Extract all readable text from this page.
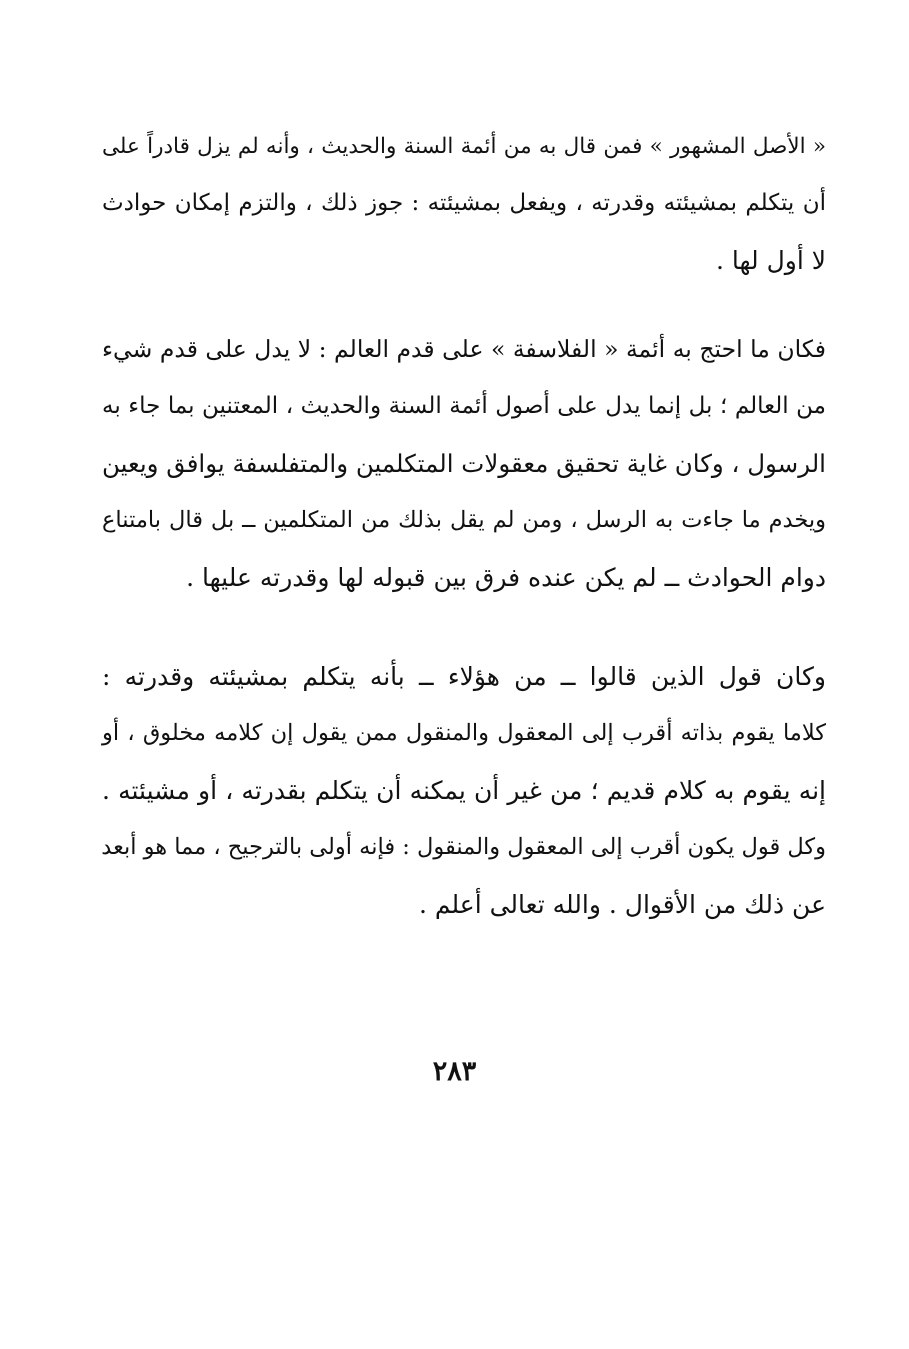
« الأصل المشهور » فمن قال به من أئمة السنة والحديث ، وأنه لم يزل قادراً على
أن يتكلم بمشيئته وقدرته ، ويفعل بمشيئته : جوز ذلك ، والتزم إمكان حوادث
لا أول لها .
فكان ما احتج به أئمة « الفلاسفة » على قدم العالم : لا يدل على قدم شيء
من العالم ؛ بل إنما يدل على أصول أئمة السنة والحديث ، المعتنين بما جاء به
الرسول ، وكان غاية تحقيق معقولات المتكلمين والمتفلسفة يوافق ويعين
ويخدم ما جاءت به الرسل ، ومن لم يقل بذلك من المتكلمين ــ بل قال بامتناع
دوام الحوادث ــ لم يكن عنده فرق بين قبوله لها وقدرته عليها .
وكان قول الذين قالوا ــ من هؤلاء ــ بأنه يتكلم بمشيئته وقدرته :
كلاما يقوم بذاته أقرب إلى المعقول والمنقول ممن يقول إن كلامه مخلوق ، أو
إنه يقوم به كلام قديم ؛ من غير أن يمكنه أن يتكلم بقدرته ، أو مشيئته .
وكل قول يكون أقرب إلى المعقول والمنقول : فإنه أولى بالترجيح ، مما هو أبعد
عن ذلك من الأقوال . والله تعالى أعلم .
٢٨٣
